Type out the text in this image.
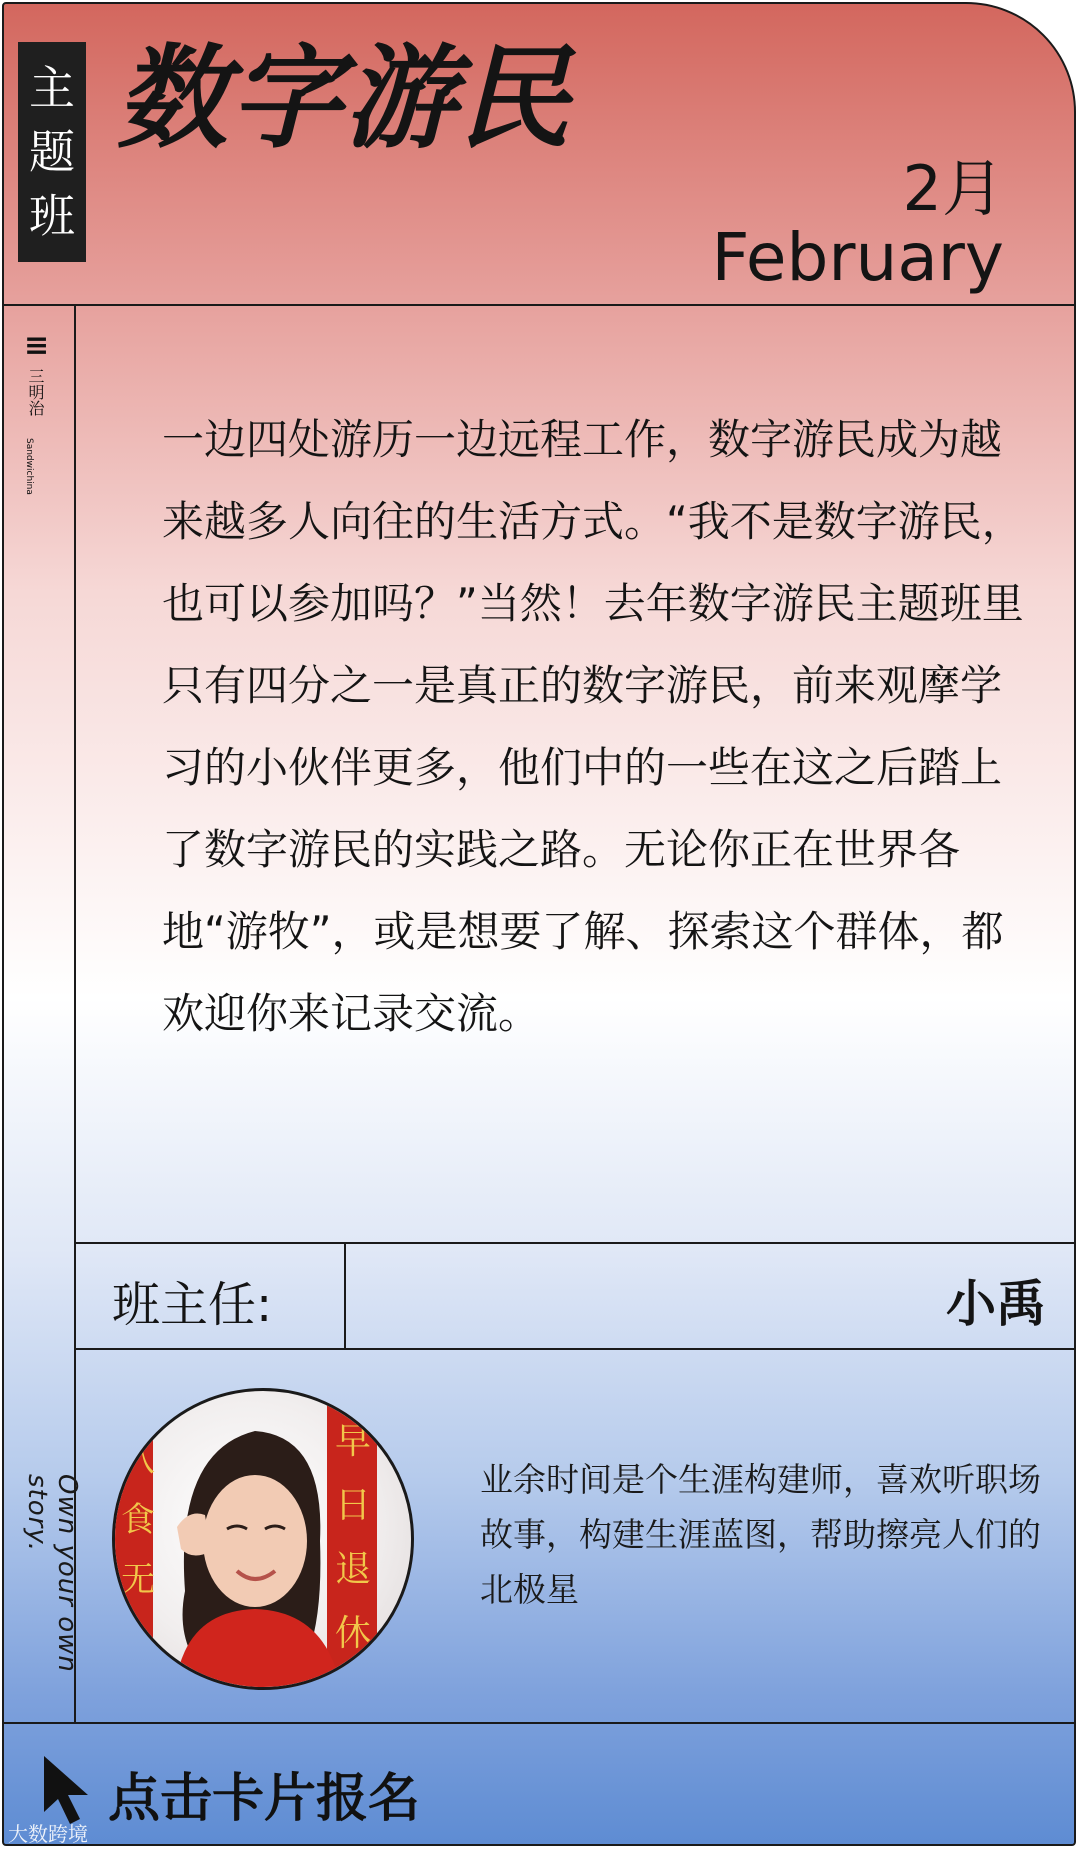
主
题
班
数字游民
2月
February
≡
三明治
Sandwichina
Own your own story.

一边四处游历一边远程工作，数字游民成为越来越多人向往的生活方式。“我不是数字游民，也可以参加吗？”当然！去年数字游民主题班里只有四分之一是真正的数字游民，前来观摩学习的小伙伴更多，他们中的一些在这之后踏上了数字游民的实践之路。无论你正在世界各地“游牧”，或是想要了解、探索这个群体，都欢迎你来记录交流。

班主任:	小禹
八
食
无
早
日
退
休

业余时间是个生涯构建师，喜欢听职场故事，构建生涯蓝图，帮助擦亮人们的北极星

点击卡片报名
大数跨境
